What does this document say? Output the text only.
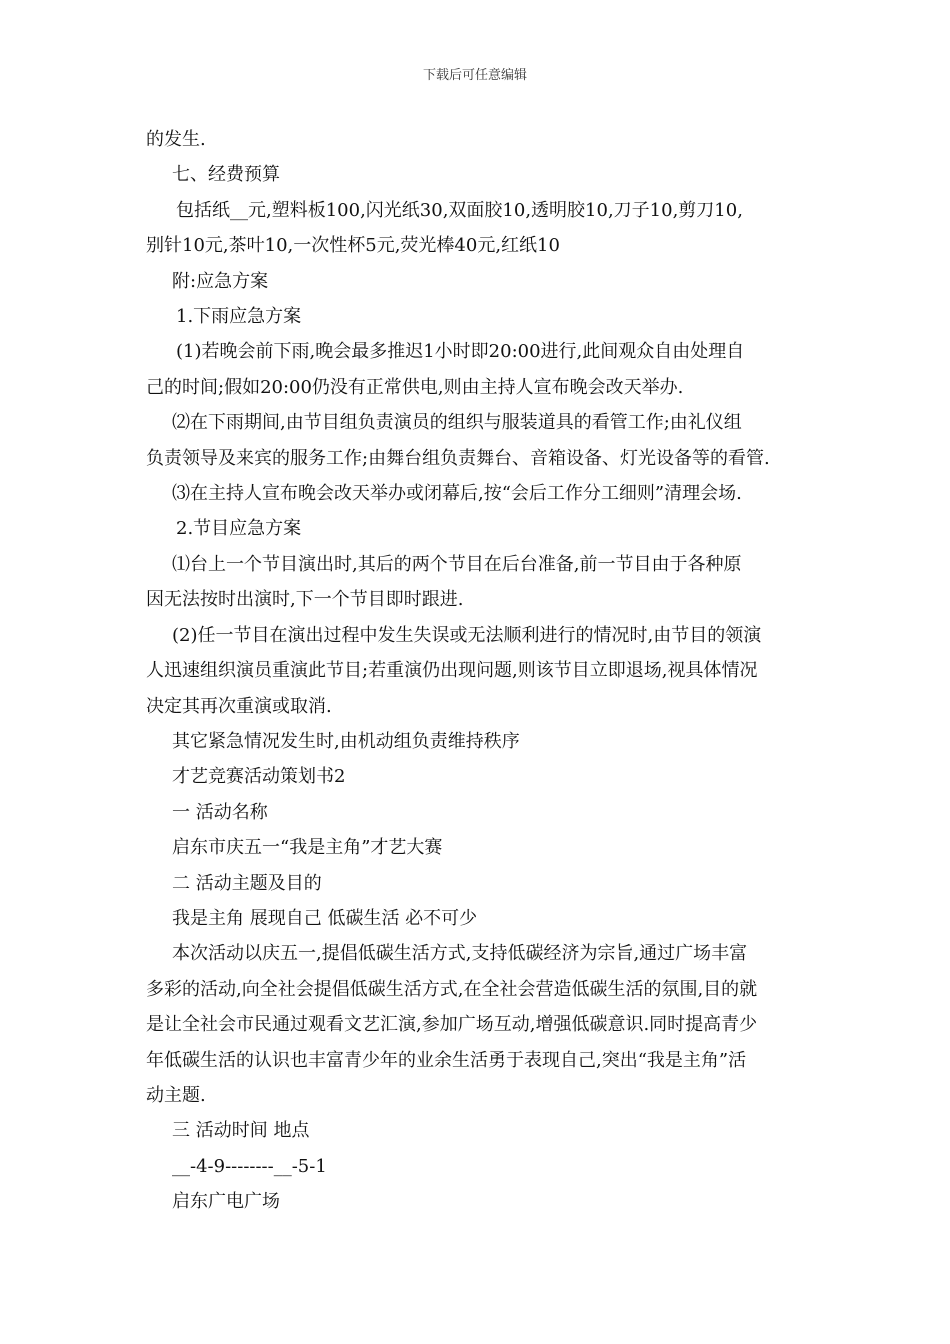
下载后可任意编辑

的发生.

七、经费预算

包括纸__元,塑料板100,闪光纸30,双面胶10,透明胶10,刀子10,剪刀10,

别针10元,茶叶10,一次性杯5元,荧光棒40元,红纸10

附:应急方案

1.下雨应急方案

(1)若晚会前下雨,晚会最多推迟1小时即20:00进行,此间观众自由处理自

己的时间;假如20:00仍没有正常供电,则由主持人宣布晚会改天举办.

⑵在下雨期间,由节目组负责演员的组织与服装道具的看管工作;由礼仪组

负责领导及来宾的服务工作;由舞台组负责舞台、音箱设备、灯光设备等的看管.

⑶在主持人宣布晚会改天举办或闭幕后,按“会后工作分工细则”清理会场.

2.节目应急方案

⑴台上一个节目演出时,其后的两个节目在后台准备,前一节目由于各种原

因无法按时出演时,下一个节目即时跟进.

(2)任一节目在演出过程中发生失误或无法顺利进行的情况时,由节目的领演

人迅速组织演员重演此节目;若重演仍出现问题,则该节目立即退场,视具体情况

决定其再次重演或取消.

其它紧急情况发生时,由机动组负责维持秩序

才艺竞赛活动策划书2

一 活动名称

启东市庆五一“我是主角”才艺大赛

二 活动主题及目的

我是主角 展现自己 低碳生活 必不可少

本次活动以庆五一,提倡低碳生活方式,支持低碳经济为宗旨,通过广场丰富

多彩的活动,向全社会提倡低碳生活方式,在全社会营造低碳生活的氛围,目的就

是让全社会市民通过观看文艺汇演,参加广场互动,增强低碳意识.同时提高青少

年低碳生活的认识也丰富青少年的业余生活勇于表现自己,突出“我是主角”活

动主题.

三 活动时间 地点

__-4-9--------__-5-1

启东广电广场
